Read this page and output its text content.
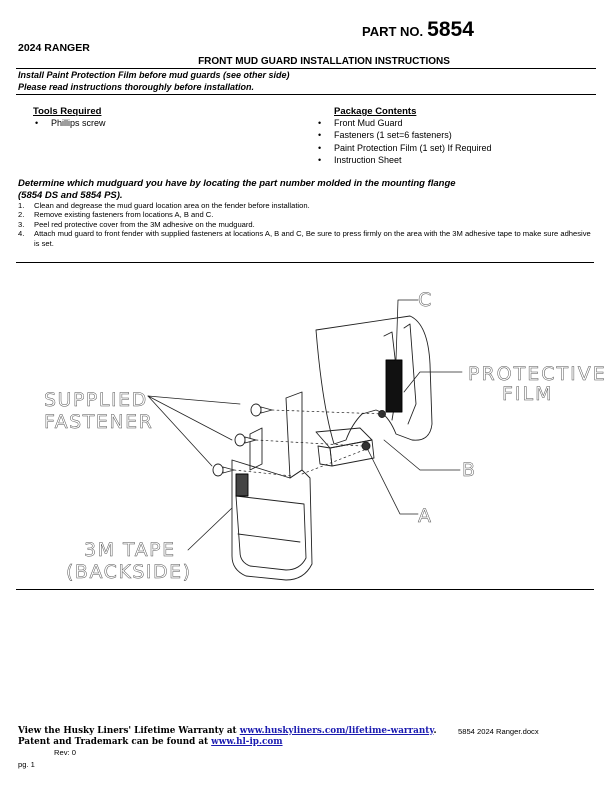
PART NO. 5854
2024 RANGER
FRONT MUD GUARD INSTALLATION INSTRUCTIONS
Install Paint Protection Film before mud guards (see other side)
Please read instructions thoroughly before installation.
Tools Required
• Phillips screw
Package Contents
• Front Mud Guard
• Fasteners (1 set=6 fasteners)
• Paint Protection Film (1 set) If Required
• Instruction Sheet
Determine which mudguard you have by locating the part number molded in the mounting flange
(5854 DS and 5854 PS).
1. Clean and degrease the mud guard location area on the fender before installation.
2. Remove existing fasteners from locations A, B and C.
3. Peel red protective cover from the 3M adhesive on the mudguard.
4. Attach mud guard to front fender with supplied fasteners at locations A, B and C, Be sure to press firmly on the area with the 3M adhesive tape to make sure adhesive is set.
C
PROTECTIVE
FILM
SUPPLIED
FASTENER
B
A
3M TAPE
(BACKSIDE)
View the Husky Liners' Lifetime Warranty at www.huskyliners.com/lifetime-warranty.	5854 2024 Ranger.docx
Patent and Trademark can be found at www.hl-ip.com
Rev: 0
pg. 1
